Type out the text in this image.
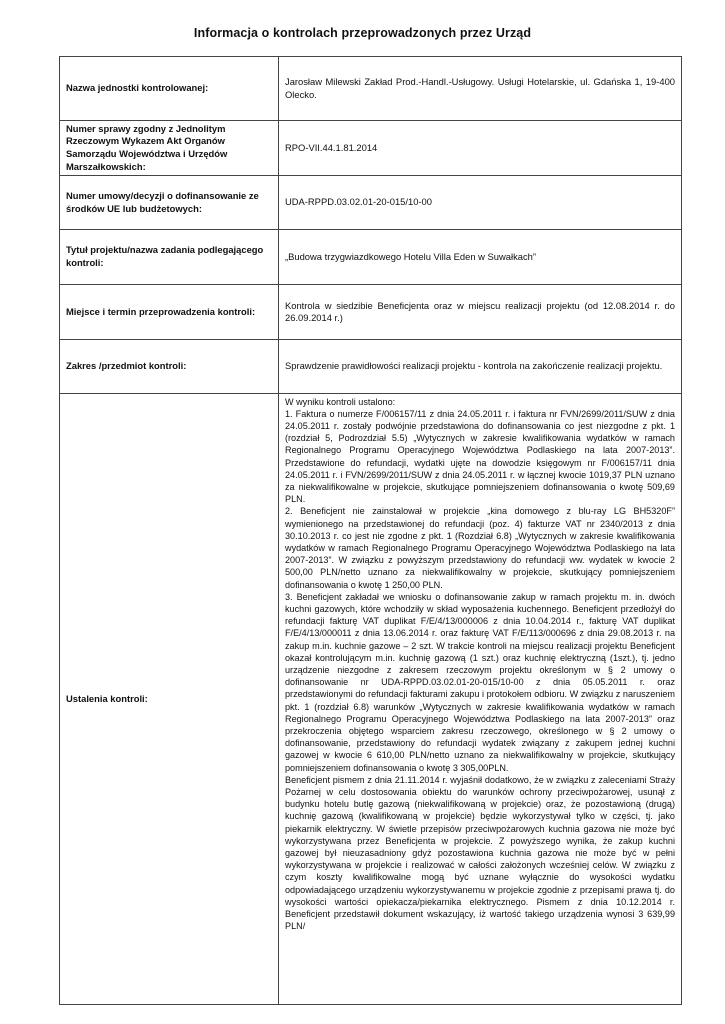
Informacja o kontrolach przeprowadzonych przez Urząd
Nazwa jednostki kontrolowanej:	Jarosław Milewski Zakład Prod.-Handl.-Usługowy. Usługi Hotelarskie, ul. Gdańska 1, 19-400 Olecko.

Numer sprawy zgodny z Jednolitym Rzeczowym Wykazem Akt Organów Samorządu Województwa i Urzędów Marszałkowskich:	RPO-VII.44.1.81.2014

Numer umowy/decyzji o dofinansowanie ze środków UE lub budżetowych:	UDA-RPPD.03.02.01-20-015/10-00

Tytuł projektu/nazwa zadania podlegającego kontroli:	„Budowa trzygwiazdkowego Hotelu Villa Eden w Suwałkach”

Miejsce i termin przeprowadzenia kontroli:	Kontrola w siedzibie Beneficjenta oraz w miejscu realizacji projektu (od 12.08.2014 r. do 26.09.2014 r.)

Zakres /przedmiot kontroli:	Sprawdzenie prawidłowości realizacji projektu - kontrola na zakończenie realizacji projektu.

Ustalenia kontroli:	W wyniku kontroli ustalono:
1. Faktura o numerze F/006157/11 z dnia 24.05.2011 r. i faktura nr FVN/2699/2011/SUW z dnia 24.05.2011 r. zostały podwójnie przedstawiona do dofinansowania co jest niezgodne z pkt. 1 (rozdział 5, Podrozdział 5.5) „Wytycznych w zakresie kwalifikowania wydatków w ramach Regionalnego Programu Operacyjnego Województwa Podlaskiego na lata 2007-2013”. Przedstawione do refundacji, wydatki ujęte na dowodzie księgowym nr F/006157/11 dnia 24.05.2011 r. i FVN/2699/2011/SUW z dnia 24.05.2011 r. w łącznej kwocie 1019,37 PLN uznano za niekwalifikowalne w projekcie, skutkujące pomniejszeniem dofinansowania o kwotę 509,69 PLN.
2. Beneficjent nie zainstalował w projekcie „kina domowego z blu-ray LG BH5320F” wymienionego na przedstawionej do refundacji (poz. 4) fakturze VAT nr 2340/2013 z dnia 30.10.2013 r. co jest nie zgodne z pkt. 1 (Rozdział 6.8) „Wytycznych w zakresie kwalifikowania wydatków w ramach Regionalnego Programu Operacyjnego Województwa Podlaskiego na lata 2007-2013”. W związku z powyższym przedstawiony do refundacji ww. wydatek w kwocie 2 500,00 PLN/netto uznano za niekwalifikowalny w projekcie, skutkujący pomniejszeniem dofinansowania o kwotę 1 250,00 PLN.
3. Beneficjent zakładał we wniosku o dofinansowanie zakup w ramach projektu m. in. dwóch kuchni gazowych, które wchodziły w skład wyposażenia kuchennego. Beneficjent przedłożył do refundacji fakturę VAT duplikat F/E/4/13/000006 z dnia 10.04.2014 r., fakturę VAT duplikat F/E/4/13/000011 z dnia 13.06.2014 r. oraz fakturę VAT F/E/113/000696 z dnia 29.08.2013 r. na zakup m.in. kuchnie gazowe – 2 szt. W trakcie kontroli na miejscu realizacji projektu Beneficjent okazał kontrolującym m.in. kuchnię gazową (1 szt.) oraz kuchnię elektryczną (1szt.), tj. jedno urządzenie niezgodne z zakresem rzeczowym projektu określonym w § 2 umowy o dofinansowanie nr UDA-RPPD.03.02.01-20-015/10-00 z dnia 05.05.2011 r. oraz przedstawionymi do refundacji fakturami zakupu i protokołem odbioru. W związku z naruszeniem pkt. 1 (rozdział 6.8) warunków „Wytycznych w zakresie kwalifikowania wydatków w ramach Regionalnego Programu Operacyjnego Województwa Podlaskiego na lata 2007-2013” oraz przekroczenia objętego wsparciem zakresu rzeczowego, określonego w § 2 umowy o dofinansowanie, przedstawiony do refundacji wydatek związany z zakupem jednej kuchni gazowej w kwocie 6 610,00 PLN/netto uznano za niekwalifikowalny w projekcie, skutkujący pomniejszeniem dofinansowania o kwotę 3 305,00PLN.
Beneficjent pismem z dnia 21.11.2014 r. wyjaśnił dodatkowo, że w związku z zaleceniami Straży Pożarnej w celu dostosowania obiektu do warunków ochrony przeciwpożarowej, usunął z budynku hotelu butlę gazową (niekwalifikowaną w projekcie) oraz, że pozostawioną (drugą) kuchnię gazową (kwalifikowaną w projekcie) będzie wykorzystywał tylko w części, tj. jako piekarnik elektryczny. W świetle przepisów przeciwpożarowych kuchnia gazowa nie może być wykorzystywana przez Beneficjenta w projekcie. Z powyższego wynika, że zakup kuchni gazowej był nieuzasadniony gdyż pozostawiona kuchnia gazowa nie może być w pełni wykorzystywana w projekcie i realizować w całości założonych wcześniej celów. W związku z czym koszty kwalifikowalne mogą być uznane wyłącznie do wysokości wydatku odpowiadającego urządzeniu wykorzystywanemu w projekcie zgodnie z przepisami prawa tj. do wysokości wartości opiekacza/piekarnika elektrycznego. Pismem z dnia 10.12.2014 r. Beneficjent przedstawił dokument wskazujący, iż wartość takiego urządzenia wynosi 3 639,99 PLN/
